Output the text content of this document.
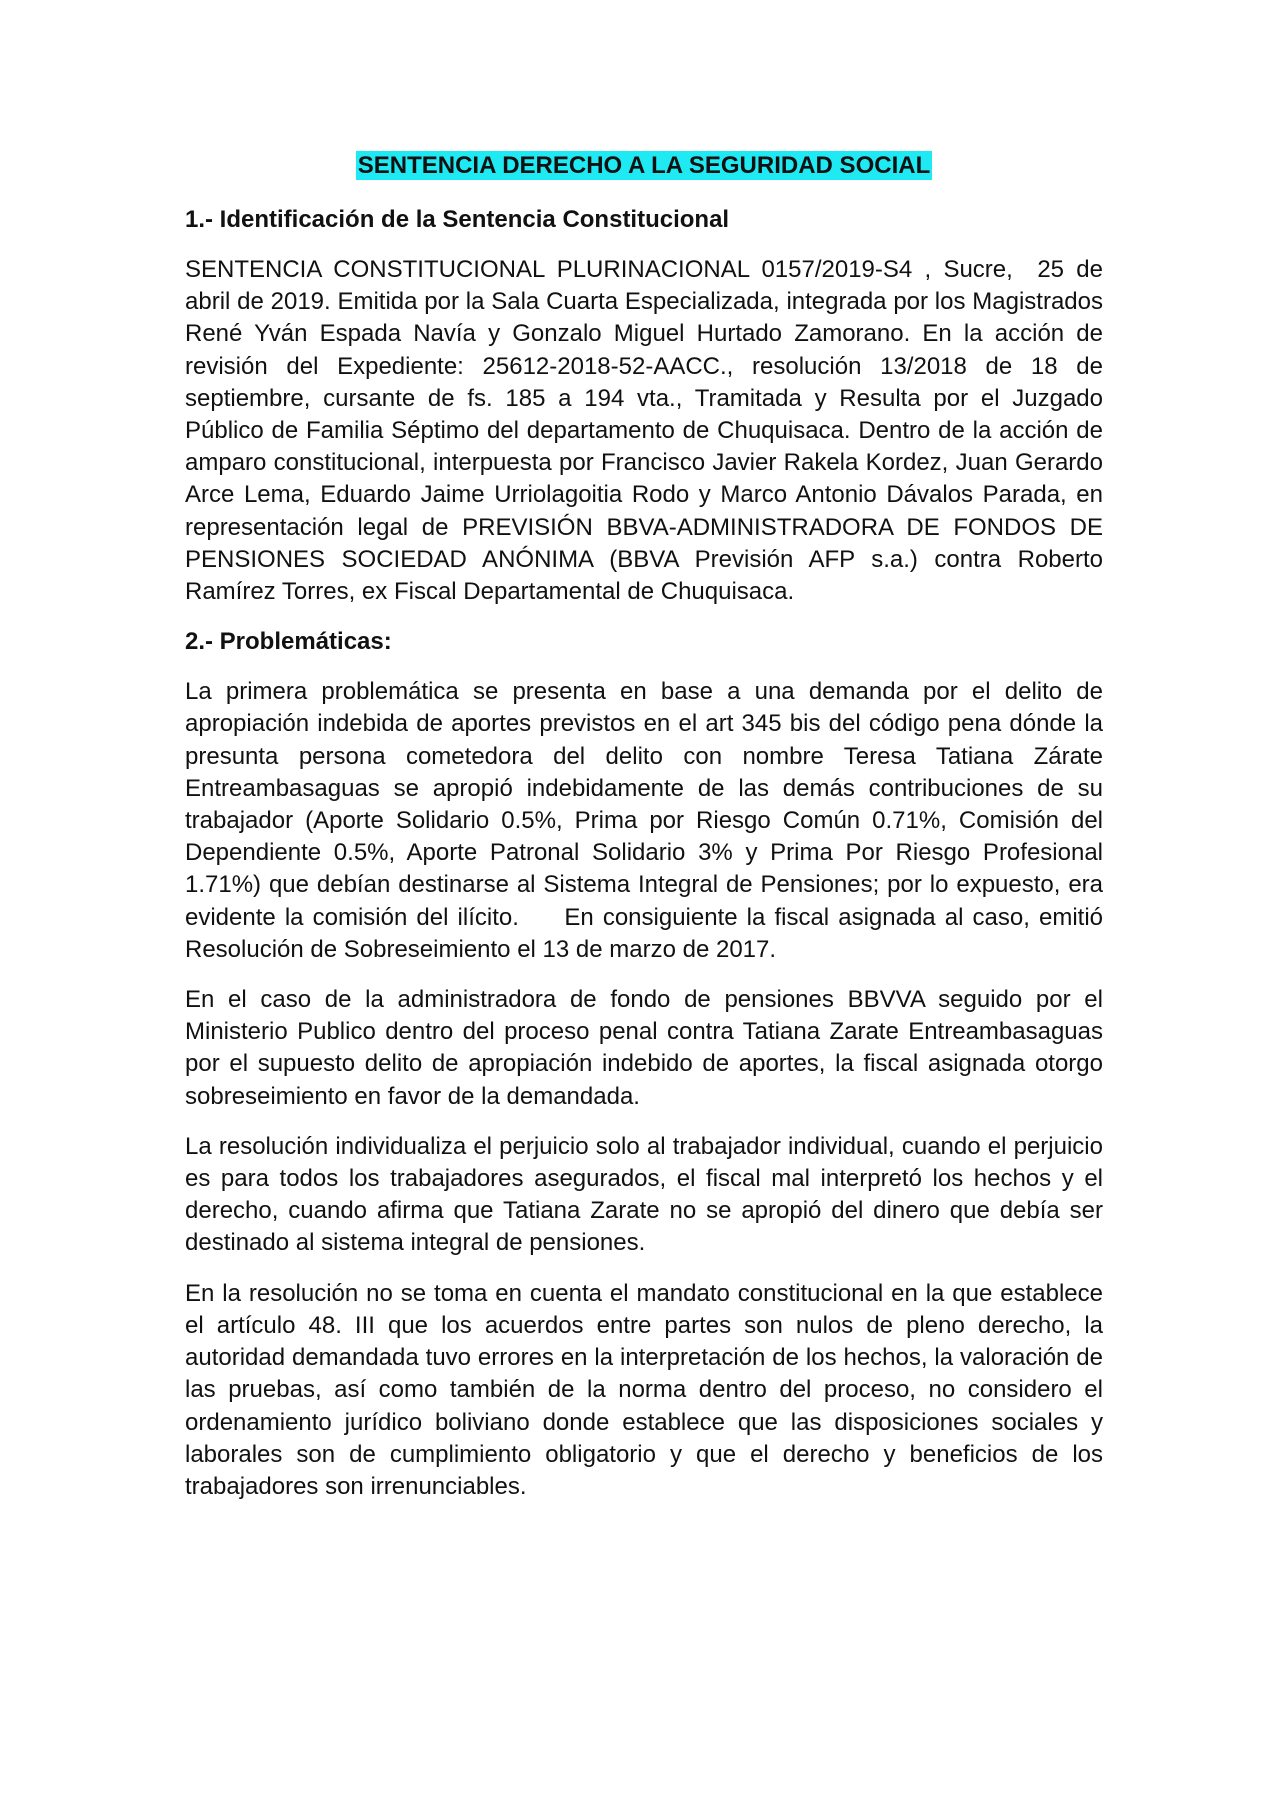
SENTENCIA DERECHO A LA SEGURIDAD SOCIAL
1.- Identificación de la Sentencia Constitucional

SENTENCIA CONSTITUCIONAL PLURINACIONAL 0157/2019-S4 , Sucre,  25 de abril de 2019. Emitida por la Sala Cuarta Especializada, integrada por los Magistrados René Yván Espada Navía y Gonzalo Miguel Hurtado Zamorano. En la acción de revisión del Expediente: 25612-2018-52-AACC., resolución 13/2018 de 18 de septiembre, cursante de fs. 185 a 194 vta., Tramitada y Resulta por el Juzgado Público de Familia Séptimo del departamento de Chuquisaca. Dentro de la acción de amparo constitucional, interpuesta por Francisco Javier Rakela Kordez, Juan Gerardo Arce Lema, Eduardo Jaime Urriolagoitia Rodo y Marco Antonio Dávalos Parada, en representación legal de PREVISIÓN BBVA-ADMINISTRADORA DE FONDOS DE PENSIONES SOCIEDAD ANÓNIMA (BBVA Previsión AFP s.a.) contra Roberto Ramírez Torres, ex Fiscal Departamental de Chuquisaca.

2.- Problemáticas:

La primera problemática se presenta en base a una demanda por el delito de apropiación indebida de aportes previstos en el art 345 bis del código pena dónde la presunta persona cometedora del delito con nombre Teresa Tatiana Zárate Entreambasaguas se apropió indebidamente de las demás contribuciones de su trabajador (Aporte Solidario 0.5%, Prima por Riesgo Común 0.71%, Comisión del Dependiente 0.5%, Aporte Patronal Solidario 3% y Prima Por Riesgo Profesional 1.71%) que debían destinarse al Sistema Integral de Pensiones; por lo expuesto, era evidente la comisión del ilícito.     En consiguiente la fiscal asignada al caso, emitió Resolución de Sobreseimiento el 13 de marzo de 2017.

En el caso de la administradora de fondo de pensiones BBVVA seguido por el Ministerio Publico dentro del proceso penal contra Tatiana Zarate Entreambasaguas por el supuesto delito de apropiación indebido de aportes, la fiscal asignada otorgo sobreseimiento en favor de la demandada.

La resolución individualiza el perjuicio solo al trabajador individual, cuando el perjuicio es para todos los trabajadores asegurados, el fiscal mal interpretó los hechos y el derecho, cuando afirma que Tatiana Zarate no se apropió del dinero que debía ser destinado al sistema integral de pensiones.

En la resolución no se toma en cuenta el mandato constitucional en la que establece el artículo 48. III que los acuerdos entre partes son nulos de pleno derecho, la autoridad demandada tuvo errores en la interpretación de los hechos, la valoración de las pruebas, así como también de la norma dentro del proceso, no considero el ordenamiento jurídico boliviano donde establece que las disposiciones sociales y laborales son de cumplimiento obligatorio y que el derecho y beneficios de los trabajadores son irrenunciables.
